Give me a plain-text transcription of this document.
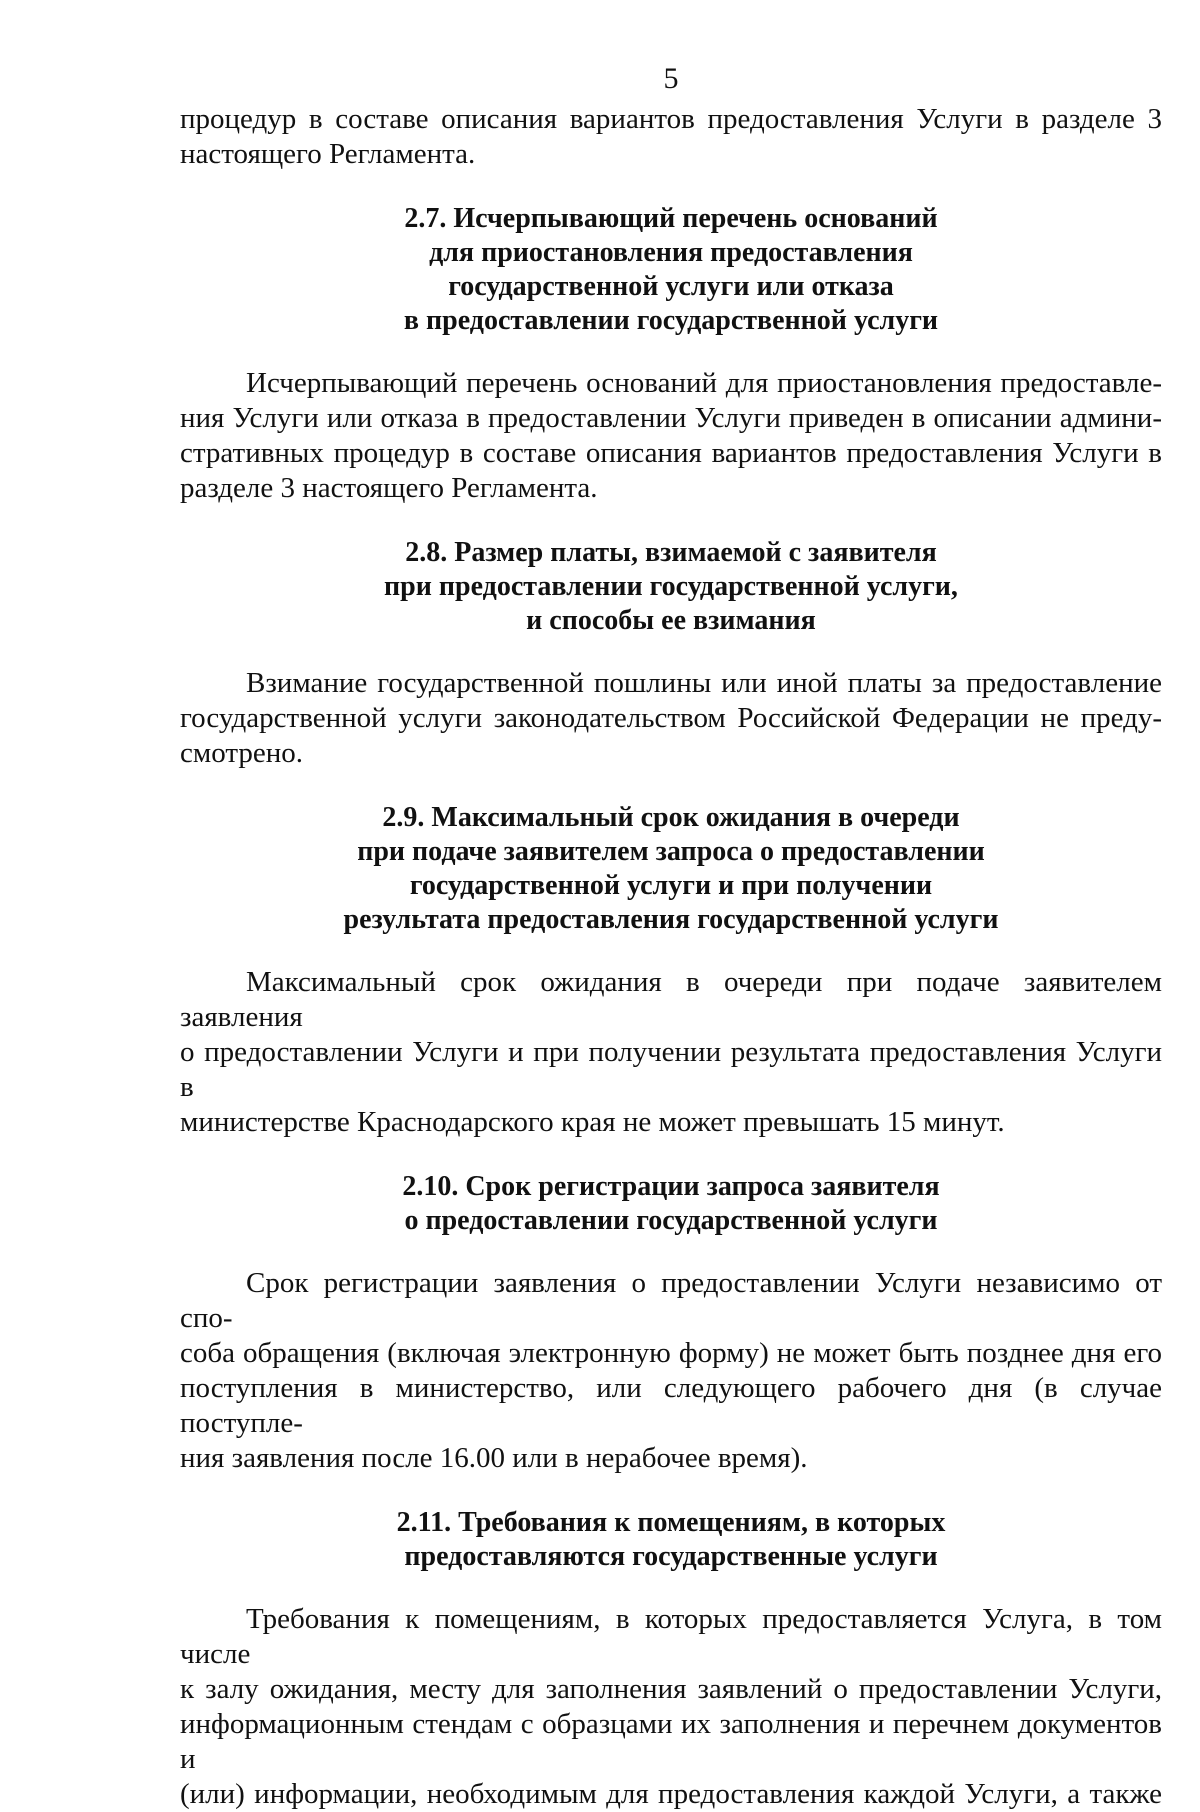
5
процедур в составе описания вариантов предоставления Услуги в разделе 3
настоящего Регламента.
2.7. Исчерпывающий перечень оснований
для приостановления предоставления
государственной услуги или отказа
в предоставлении государственной услуги
Исчерпывающий перечень оснований для приостановления предоставле-
ния Услуги или отказа в предоставлении Услуги приведен в описании админи-
стративных процедур в составе описания вариантов предоставления Услуги в
разделе 3 настоящего Регламента.
2.8. Размер платы, взимаемой с заявителя
при предоставлении государственной услуги,
и способы ее взимания
Взимание государственной пошлины или иной платы за предоставление
государственной услуги законодательством Российской Федерации не преду-
смотрено.
2.9. Максимальный срок ожидания в очереди
при подаче заявителем запроса о предоставлении
государственной услуги и при получении
результата предоставления государственной услуги
Максимальный срок ожидания в очереди при подаче заявителем заявления
о предоставлении Услуги и при получении результата предоставления Услуги в
министерстве Краснодарского края не может превышать 15 минут.
2.10. Срок регистрации запроса заявителя
о предоставлении государственной услуги
Срок регистрации заявления о предоставлении Услуги независимо от спо-
соба обращения (включая электронную форму) не может быть позднее дня его
поступления в министерство, или следующего рабочего дня (в случае поступле-
ния заявления после 16.00 или в нерабочее время).
2.11. Требования к помещениям, в которых
предоставляются государственные услуги
Требования к помещениям, в которых предоставляется Услуга, в том числе
к залу ожидания, месту для заполнения заявлений о предоставлении Услуги,
информационным стендам с образцами их заполнения и перечнем документов и
(или) информации, необходимым для предоставления каждой Услуги, а также
